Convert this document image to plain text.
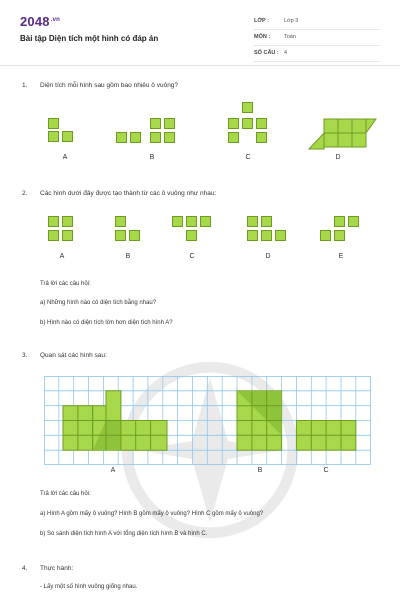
$2048^{.vn}$
Bài tập Diện tích một hình có đáp án
LỚP :	Lớp 3
MÔN :	Toán
SỐ CÂU : 4
1. Diện tích mỗi hình sau gồm bao nhiêu ô vuông?
A	B	C	D
2. Các hình dưới đây được tạo thành từ các ô vuông như nhau:
A	B	C	D	E
Trả lời các câu hỏi:
a) Những hình nào có diện tích bằng nhau?
b) Hình nào có diện tích lớn hơn diện tích hình A?
3. Quan sát các hình sau:
A	B	C
Trả lời các câu hỏi:
a) Hình A gồm mấy ô vuông? Hình B gồm mấy ô vuông? Hình C gồm mấy ô vuông?
b) So sánh diện tích hình A với tổng diện tích hình B và hình C.
4. Thực hành:
- Lấy một số hình vuông giống nhau.
